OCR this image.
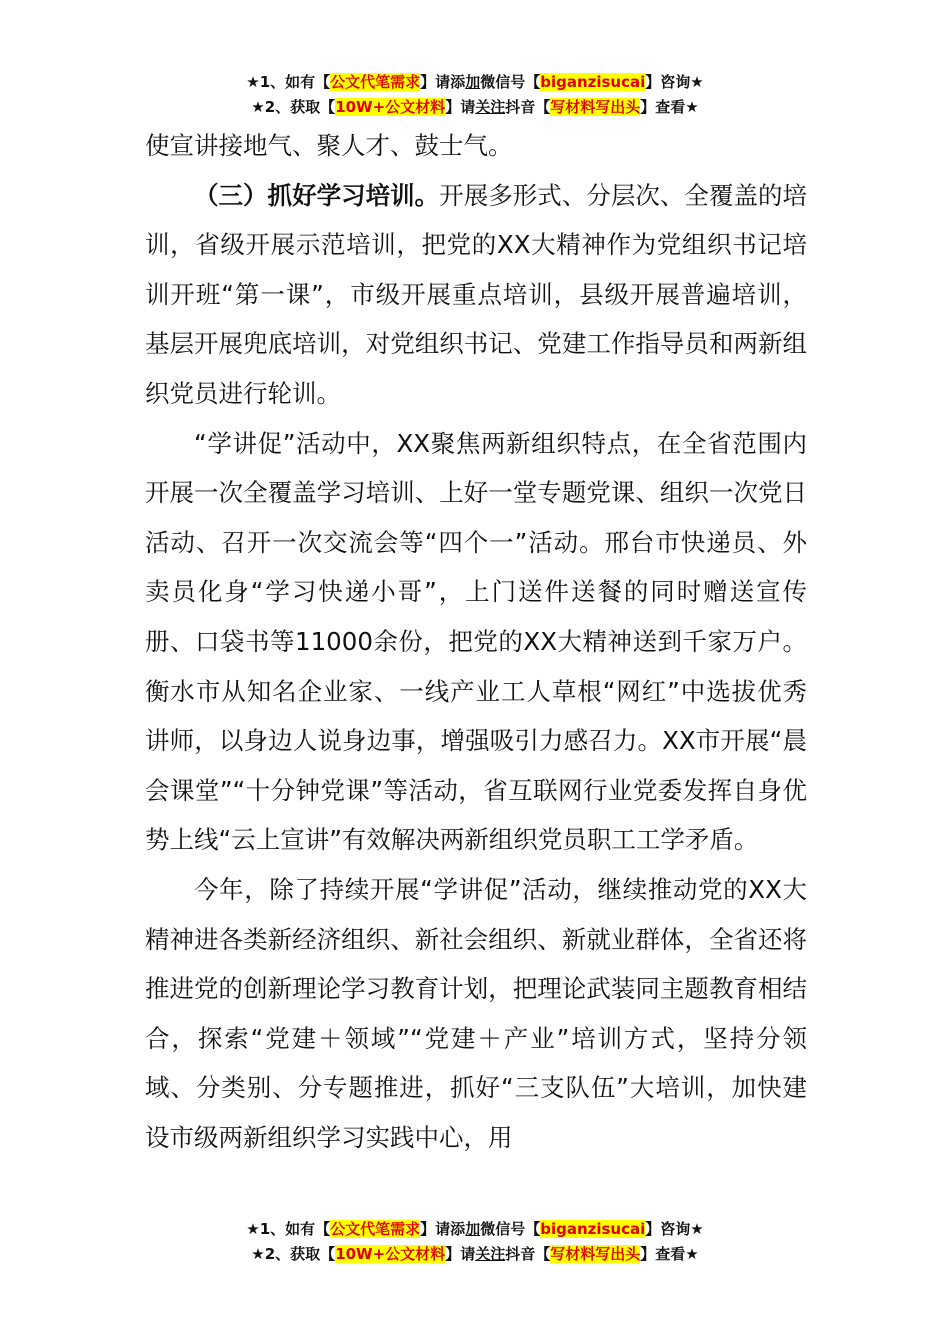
★1、如有【公文代笔需求】请添加微信号【biganzisucai】咨询★
★2、获取【10W+公文材料】请关注抖音【写材料写出头】查看★

使宣讲接地气、聚人才、鼓士气。

（三）抓好学习培训。开展多形式、分层次、全覆盖的培训，省级开展示范培训，把党的XX大精神作为党组织书记培训开班“第一课”，市级开展重点培训，县级开展普遍培训，基层开展兜底培训，对党组织书记、党建工作指导员和两新组织党员进行轮训。

“学讲促”活动中，XX聚焦两新组织特点，在全省范围内开展一次全覆盖学习培训、上好一堂专题党课、组织一次党日活动、召开一次交流会等“四个一”活动。邢台市快递员、外卖员化身“学习快递小哥”，上门送件送餐的同时赠送宣传册、口袋书等11000余份，把党的XX大精神送到千家万户。衡水市从知名企业家、一线产业工人草根“网红”中选拔优秀讲师，以身边人说身边事，增强吸引力感召力。XX市开展“晨会课堂”“十分钟党课”等活动，省互联网行业党委发挥自身优势上线“云上宣讲”有效解决两新组织党员职工工学矛盾。

今年，除了持续开展“学讲促”活动，继续推动党的XX大精神进各类新经济组织、新社会组织、新就业群体，全省还将推进党的创新理论学习教育计划，把理论武装同主题教育相结合，探索“党建＋领域”“党建＋产业”培训方式，坚持分领域、分类别、分专题推进，抓好“三支队伍”大培训，加快建设市级两新组织学习实践中心，用

★1、如有【公文代笔需求】请添加微信号【biganzisucai】咨询★
★2、获取【10W+公文材料】请关注抖音【写材料写出头】查看★
